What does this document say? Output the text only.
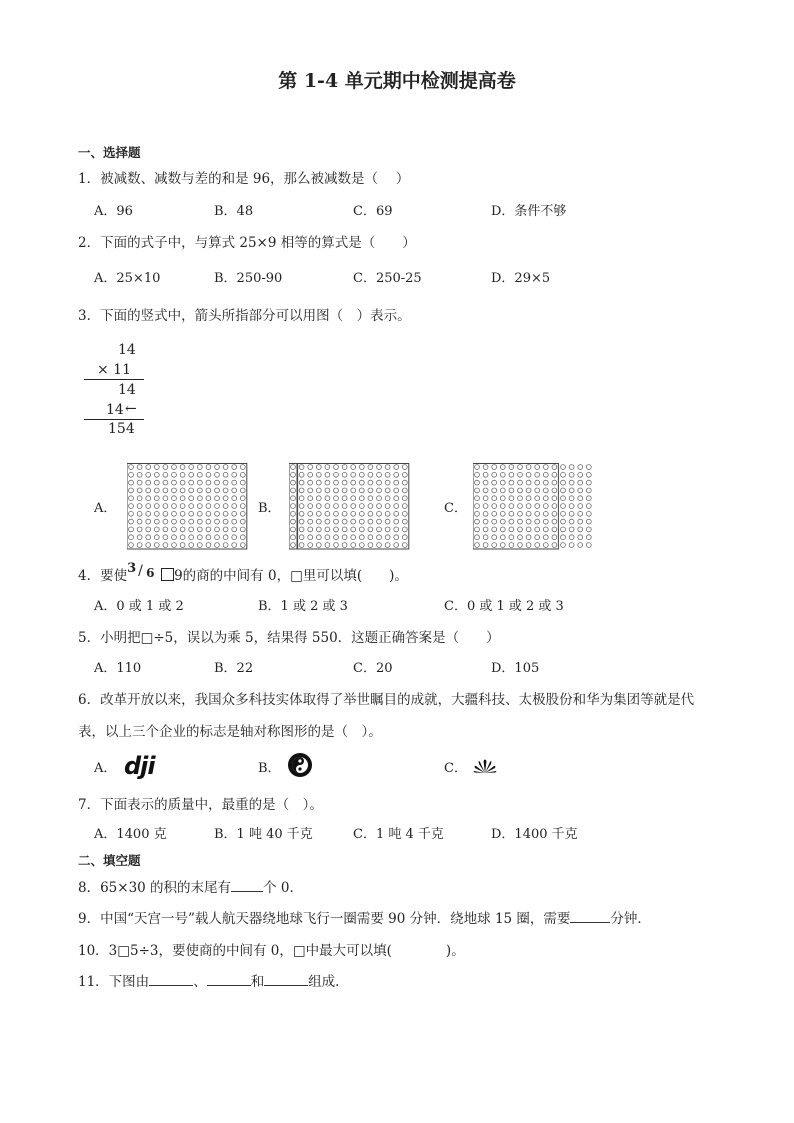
第 1-4 单元期中检测提高卷
一、选择题
1．被减数、减数与差的和是 96，那么被减数是（　 ）
A．96	B．48	C．69	D．条件不够
2．下面的式子中，与算式 25×9 相等的算式是（　　）
A．25×10	B．250-90	C．250-25	D．29×5
3．下面的竖式中，箭头所指部分可以用图（　）表示。
14
× 11
14
14 ←
154
A．	B．	C．
4．要使 3 / 6 9的商的中间有 0，□里可以填(　　)。
A．0 或 1 或 2	B．1 或 2 或 3	C．0 或 1 或 2 或 3
5．小明把□÷5，误以为乘 5，结果得 550．这题正确答案是（　　）
A．110	B．22	C．20	D．105
6．改革开放以来，我国众多科技实体取得了举世瞩目的成就，大疆科技、太极股份和华为集团等就是代
表，以上三个企业的标志是轴对称图形的是（　）。
A．	B．	C．
dji
7．下面表示的质量中，最重的是（　）。
A．1400 克	B．1 吨 40 千克	C．1 吨 4 千克	D．1400 千克
二、填空题
8．65×30 的积的末尾有 个 0．
9．中国“天宫一号”载人航天器绕地球飞行一圈需要 90 分钟．绕地球 15 圈，需要	分钟．
10．3□5÷3，要使商的中间有 0，□中最大可以填(	)。
11．下图由	、	和	组成.
